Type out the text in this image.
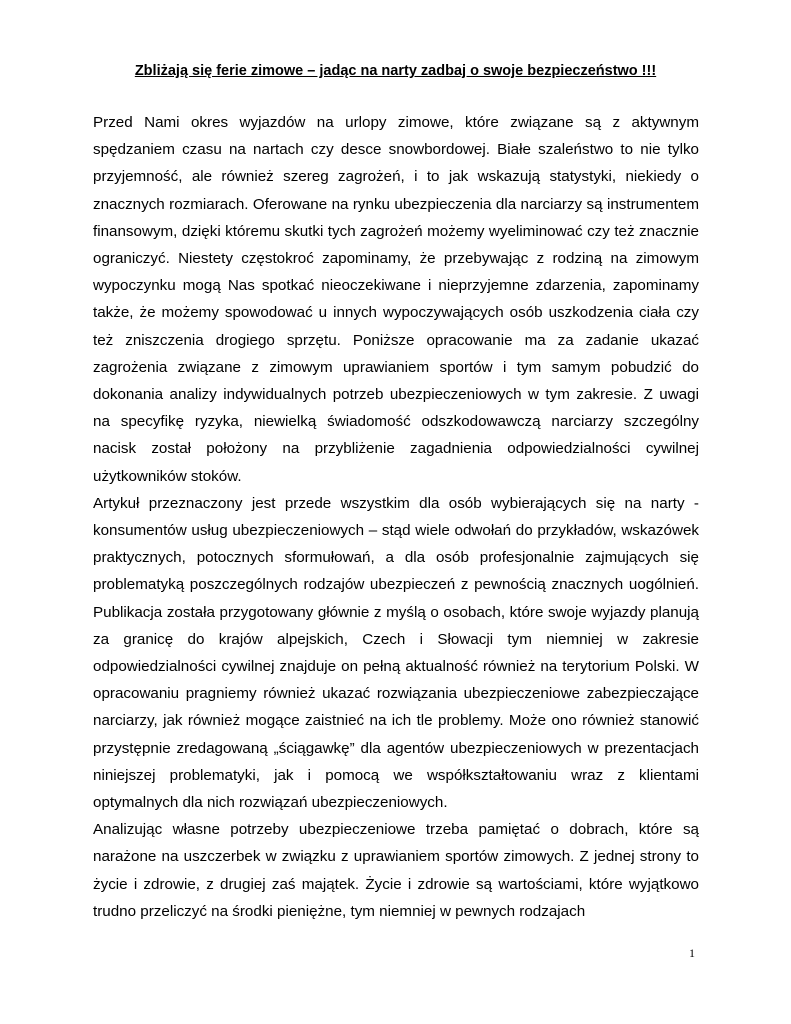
Zbliżają się ferie zimowe – jadąc na narty zadbaj o swoje bezpieczeństwo !!!

Przed Nami okres wyjazdów na urlopy zimowe, które związane są z aktywnym spędzaniem czasu na nartach czy desce snowbordowej. Białe szaleństwo to nie tylko przyjemność, ale również szereg zagrożeń, i to jak wskazują statystyki, niekiedy o znacznych rozmiarach. Oferowane na rynku ubezpieczenia dla narciarzy są instrumentem finansowym, dzięki któremu skutki tych zagrożeń możemy wyeliminować czy też znacznie ograniczyć. Niestety częstokroć zapominamy, że przebywając z rodziną na zimowym wypoczynku mogą Nas spotkać nieoczekiwane i nieprzyjemne zdarzenia, zapominamy także, że możemy spowodować u innych wypoczywających osób uszkodzenia ciała czy też zniszczenia drogiego sprzętu. Poniższe opracowanie ma za zadanie ukazać zagrożenia związane z zimowym uprawianiem sportów i tym samym pobudzić do dokonania analizy indywidualnych potrzeb ubezpieczeniowych w tym zakresie. Z uwagi na specyfikę ryzyka, niewielką świadomość odszkodowawczą narciarzy szczególny nacisk został położony na przybliżenie zagadnienia odpowiedzialności cywilnej użytkowników stoków.

Artykuł przeznaczony jest przede wszystkim dla osób wybierających się na narty - konsumentów usług ubezpieczeniowych – stąd wiele odwołań do przykładów, wskazówek praktycznych, potocznych sformułowań, a dla osób profesjonalnie zajmujących się problematyką poszczególnych rodzajów ubezpieczeń z pewnością znacznych uogólnień. Publikacja została przygotowany głównie z myślą o osobach, które swoje wyjazdy planują za granicę do krajów alpejskich, Czech i Słowacji tym niemniej w zakresie odpowiedzialności cywilnej znajduje on pełną aktualność również na terytorium Polski. W opracowaniu pragniemy również ukazać rozwiązania ubezpieczeniowe zabezpieczające narciarzy, jak również mogące zaistnieć na ich tle problemy. Może ono również stanowić przystępnie zredagowaną „ściągawkę” dla agentów ubezpieczeniowych w prezentacjach niniejszej problematyki, jak i pomocą we współkształtowaniu wraz z klientami optymalnych dla nich rozwiązań ubezpieczeniowych.

Analizując własne potrzeby ubezpieczeniowe trzeba pamiętać o dobrach, które są narażone na uszczerbek w związku z uprawianiem sportów zimowych. Z jednej strony to życie i zdrowie, z drugiej zaś majątek. Życie i zdrowie są wartościami, które wyjątkowo trudno przeliczyć na środki pieniężne, tym niemniej w pewnych rodzajach

1
